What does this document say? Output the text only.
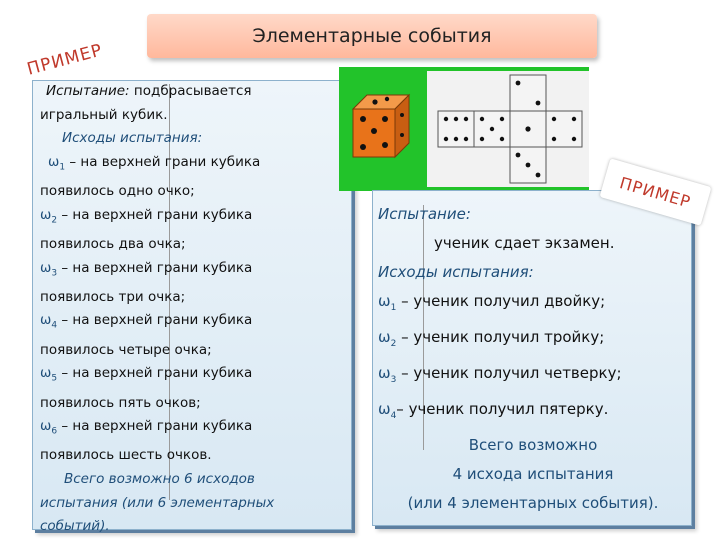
Элементарные события
ПРИМЕР
Испытание: подбрасывается
игральный кубик.
Исходы испытания:
$\omega_1$ – на верхней грани кубика
появилось одно очко;
$\omega_2$ – на верхней грани кубика
появилось два очка;
$\omega_3$ – на верхней грани кубика
появилось три очка;
$\omega_4$ – на верхней грани кубика
появилось четыре очка;
$\omega_5$ – на верхней грани кубика
появилось пять очков;
$\omega_6$ – на верхней грани кубика
появилось шесть очков.
Всего возможно 6 исходов
испытания (или 6 элементарных
событий).
ПРИМЕР
Испытание:
ученик сдает экзамен.
Исходы испытания:
$\omega_1$ – ученик получил двойку;
$\omega_2$ – ученик получил тройку;
$\omega_3$ – ученик получил четверку;
$\omega_4-$ ученик получил пятерку.
Всего возможно
4 исхода испытания
(или 4 элементарных события).
